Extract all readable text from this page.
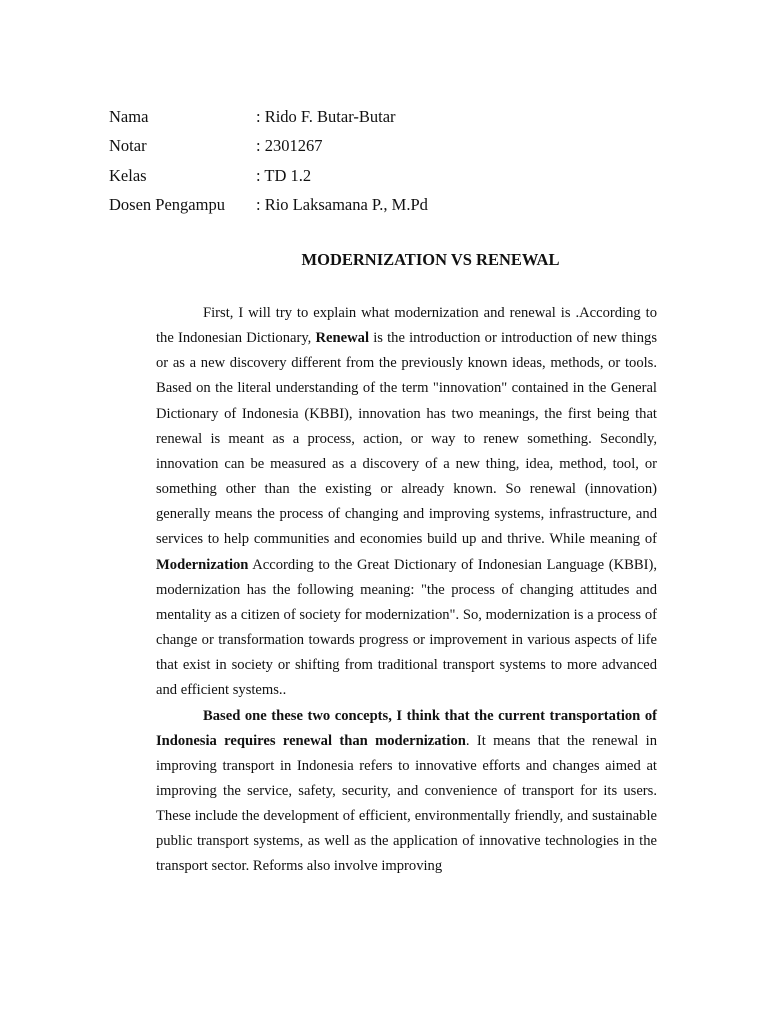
Nama	: Rido F. Butar-Butar
Notar	: 2301267
Kelas	: TD 1.2
Dosen Pengampu	: Rio Laksamana P., M.Pd
MODERNIZATION VS RENEWAL

First, I will try to explain what modernization and renewal is .According to the Indonesian Dictionary, Renewal is the introduction or introduction of new things or as a new discovery different from the previously known ideas, methods, or tools. Based on the literal understanding of the term "innovation" contained in the General Dictionary of Indonesia (KBBI), innovation has two meanings, the first being that renewal is meant as a process, action, or way to renew something. Secondly, innovation can be measured as a discovery of a new thing, idea, method, tool, or something other than the existing or already known. So renewal (innovation) generally means the process of changing and improving systems, infrastructure, and services to help communities and economies build up and thrive. While meaning of Modernization According to the Great Dictionary of Indonesian Language (KBBI), modernization has the following meaning: "the process of changing attitudes and mentality as a citizen of society for modernization". So, modernization is a process of change or transformation towards progress or improvement in various aspects of life that exist in society or shifting from traditional transport systems to more advanced and efficient systems..

Based one these two concepts, I think that the current transportation of Indonesia requires renewal than modernization. It means that the renewal in improving transport in Indonesia refers to innovative efforts and changes aimed at improving the service, safety, security, and convenience of transport for its users. These include the development of efficient, environmentally friendly, and sustainable public transport systems, as well as the application of innovative technologies in the transport sector. Reforms also involve improving
